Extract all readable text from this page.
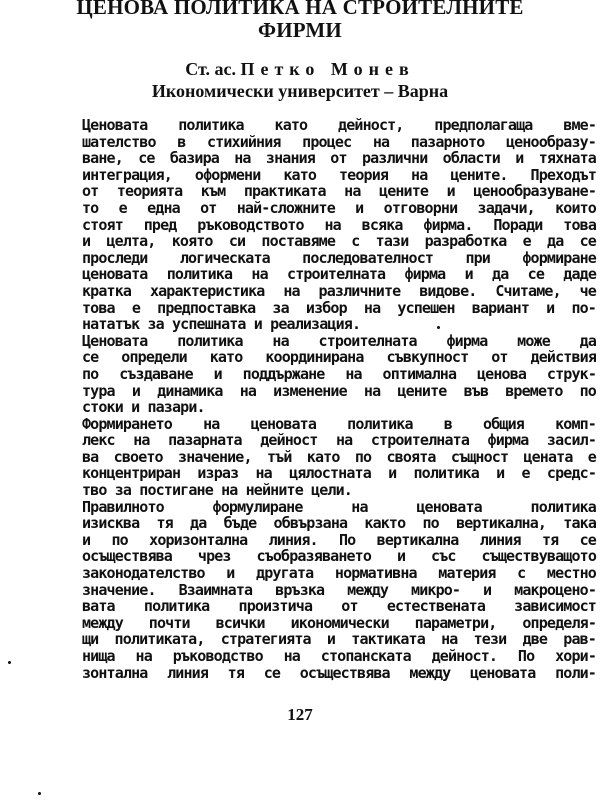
ЦЕНОВА ПОЛИТИКА НА СТРОИТЕЛНИТЕ ФИРМИ
Ст. ас. Петко Монев
Икономически университет – Варна
Ценовата политика като дейност, предполагаща вме-
шателство в стихийния процес на пазарното ценообразу-
ване, се базира на знания от различни области и тяхната
интеграция, оформени като теория на цените. Преходът
от теорията към практиката на цените и ценообразуване-
то е една от най-сложните и отговорни задачи, които
стоят пред ръководството на всяка фирма. Поради това
и целта, която си поставяме с тази разработка е да се
проследи логическата последователност при формиране
ценовата политика на строителната фирма и да се даде
кратка характеристика на различните видове. Считаме, че
това е предпоставка за избор на успешен вариант и по-
нататък за успешната и реализация.
Ценовата политика на строителната фирма може да
се определи като координирана съвкупност от действия
по създаване и поддържане на оптимална ценова струк-
тура и динамика на изменение на цените във времето по
стоки и пазари.
Формирането на ценовата политика в общия комп-
лекс на пазарната дейност на строителната фирма засил-
ва своето значение, тъй като по своята същност цената е
концентриран израз на цялостната и политика и е средс-
тво за постигане на нейните цели.
Правилното формулиране на ценовата политика
изисква тя да бъде обвързана както по вертикална, така
и по хоризонтална линия. По вертикална линия тя се
осъществява чрез съобразяването и със съществуващото
законодателство и другата нормативна материя с местно
значение. Взаимната връзка между микро- и макроцено-
вата политика произтича от естествената зависимост
между почти всички икономически параметри, определя-
щи политиката, стратегията и тактиката на тези две рав-
нища на ръководство на стопанската дейност. По хори-
зонтална линия тя се осъществява между ценовата поли-
127
